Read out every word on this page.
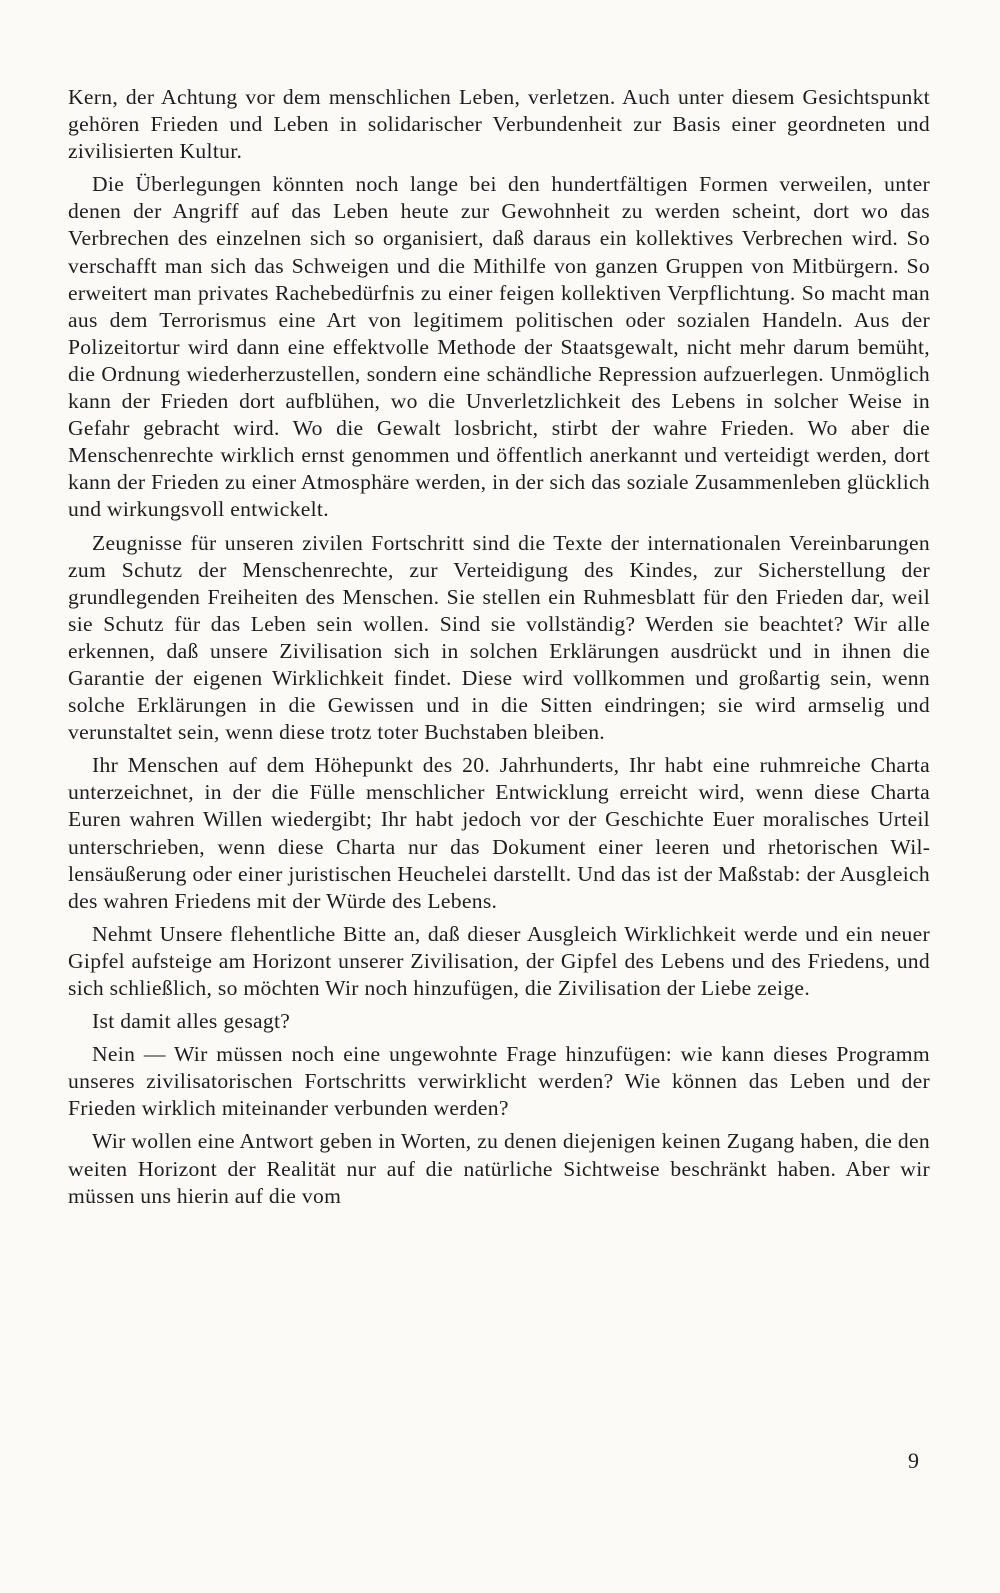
Kern, der Achtung vor dem menschlichen Leben, verletzen. Auch unter diesem Gesichtspunkt gehören Frieden und Leben in solidarischer Verbundenheit zur Basis einer geordneten und zivilisierten Kultur.

Die Überlegungen könnten noch lange bei den hundertfältigen Formen verweilen, unter denen der Angriff auf das Leben heute zur Gewohnheit zu werden scheint, dort wo das Verbrechen des einzelnen sich so organisiert, daß daraus ein kollektives Verbrechen wird. So verschafft man sich das Schweigen und die Mithilfe von ganzen Gruppen von Mitbürgern. So erweitert man privates Rachebedürfnis zu einer feigen kollektiven Verpflichtung. So macht man aus dem Terrorismus eine Art von legitimem politischen oder sozialen Handeln. Aus der Polizeitortur wird dann eine effektvolle Methode der Staatsgewalt, nicht mehr darum bemüht, die Ordnung wiederherzustellen, sondern eine schändliche Repression aufzuerlegen. Unmöglich kann der Frieden dort aufblühen, wo die Unverletzlichkeit des Lebens in solcher Weise in Gefahr gebracht wird. Wo die Gewalt losbricht, stirbt der wahre Frieden. Wo aber die Menschenrechte wirklich ernst genommen und öffentlich anerkannt und verteidigt werden, dort kann der Frieden zu einer Atmosphäre werden, in der sich das soziale Zusammenleben glücklich und wirkungsvoll entwickelt.

Zeugnisse für unseren zivilen Fortschritt sind die Texte der internationalen Vereinbarungen zum Schutz der Menschenrechte, zur Verteidigung des Kindes, zur Sicherstellung der grundlegenden Freiheiten des Menschen. Sie stellen ein Ruhmesblatt für den Frieden dar, weil sie Schutz für das Leben sein wollen. Sind sie vollständig? Werden sie beachtet? Wir alle erkennen, daß unsere Zivilisation sich in solchen Erklärungen ausdrückt und in ihnen die Garantie der eigenen Wirklichkeit findet. Diese wird vollkommen und großartig sein, wenn solche Erklärungen in die Gewissen und in die Sitten eindringen; sie wird armselig und verunstaltet sein, wenn diese trotz toter Buchstaben bleiben.

Ihr Menschen auf dem Höhepunkt des 20. Jahrhunderts, Ihr habt eine ruhmreiche Charta unterzeichnet, in der die Fülle menschlicher Entwicklung erreicht wird, wenn diese Charta Euren wahren Willen wiedergibt; Ihr habt jedoch vor der Geschichte Euer moralisches Urteil unterschrieben, wenn diese Charta nur das Dokument einer leeren und rhetorischen Willensäußerung oder einer juristischen Heuchelei darstellt. Und das ist der Maßstab: der Ausgleich des wahren Friedens mit der Würde des Lebens.

Nehmt Unsere flehentliche Bitte an, daß dieser Ausgleich Wirklichkeit werde und ein neuer Gipfel aufsteige am Horizont unserer Zivilisation, der Gipfel des Lebens und des Friedens, und sich schließlich, so möchten Wir noch hinzufügen, die Zivilisation der Liebe zeige.

Ist damit alles gesagt?

Nein — Wir müssen noch eine ungewohnte Frage hinzufügen: wie kann dieses Programm unseres zivilisatorischen Fortschritts verwirklicht werden? Wie können das Leben und der Frieden wirklich miteinander verbunden werden?

Wir wollen eine Antwort geben in Worten, zu denen diejenigen keinen Zugang haben, die den weiten Horizont der Realität nur auf die natürliche Sichtweise beschränkt haben. Aber wir müssen uns hierin auf die vom

9
